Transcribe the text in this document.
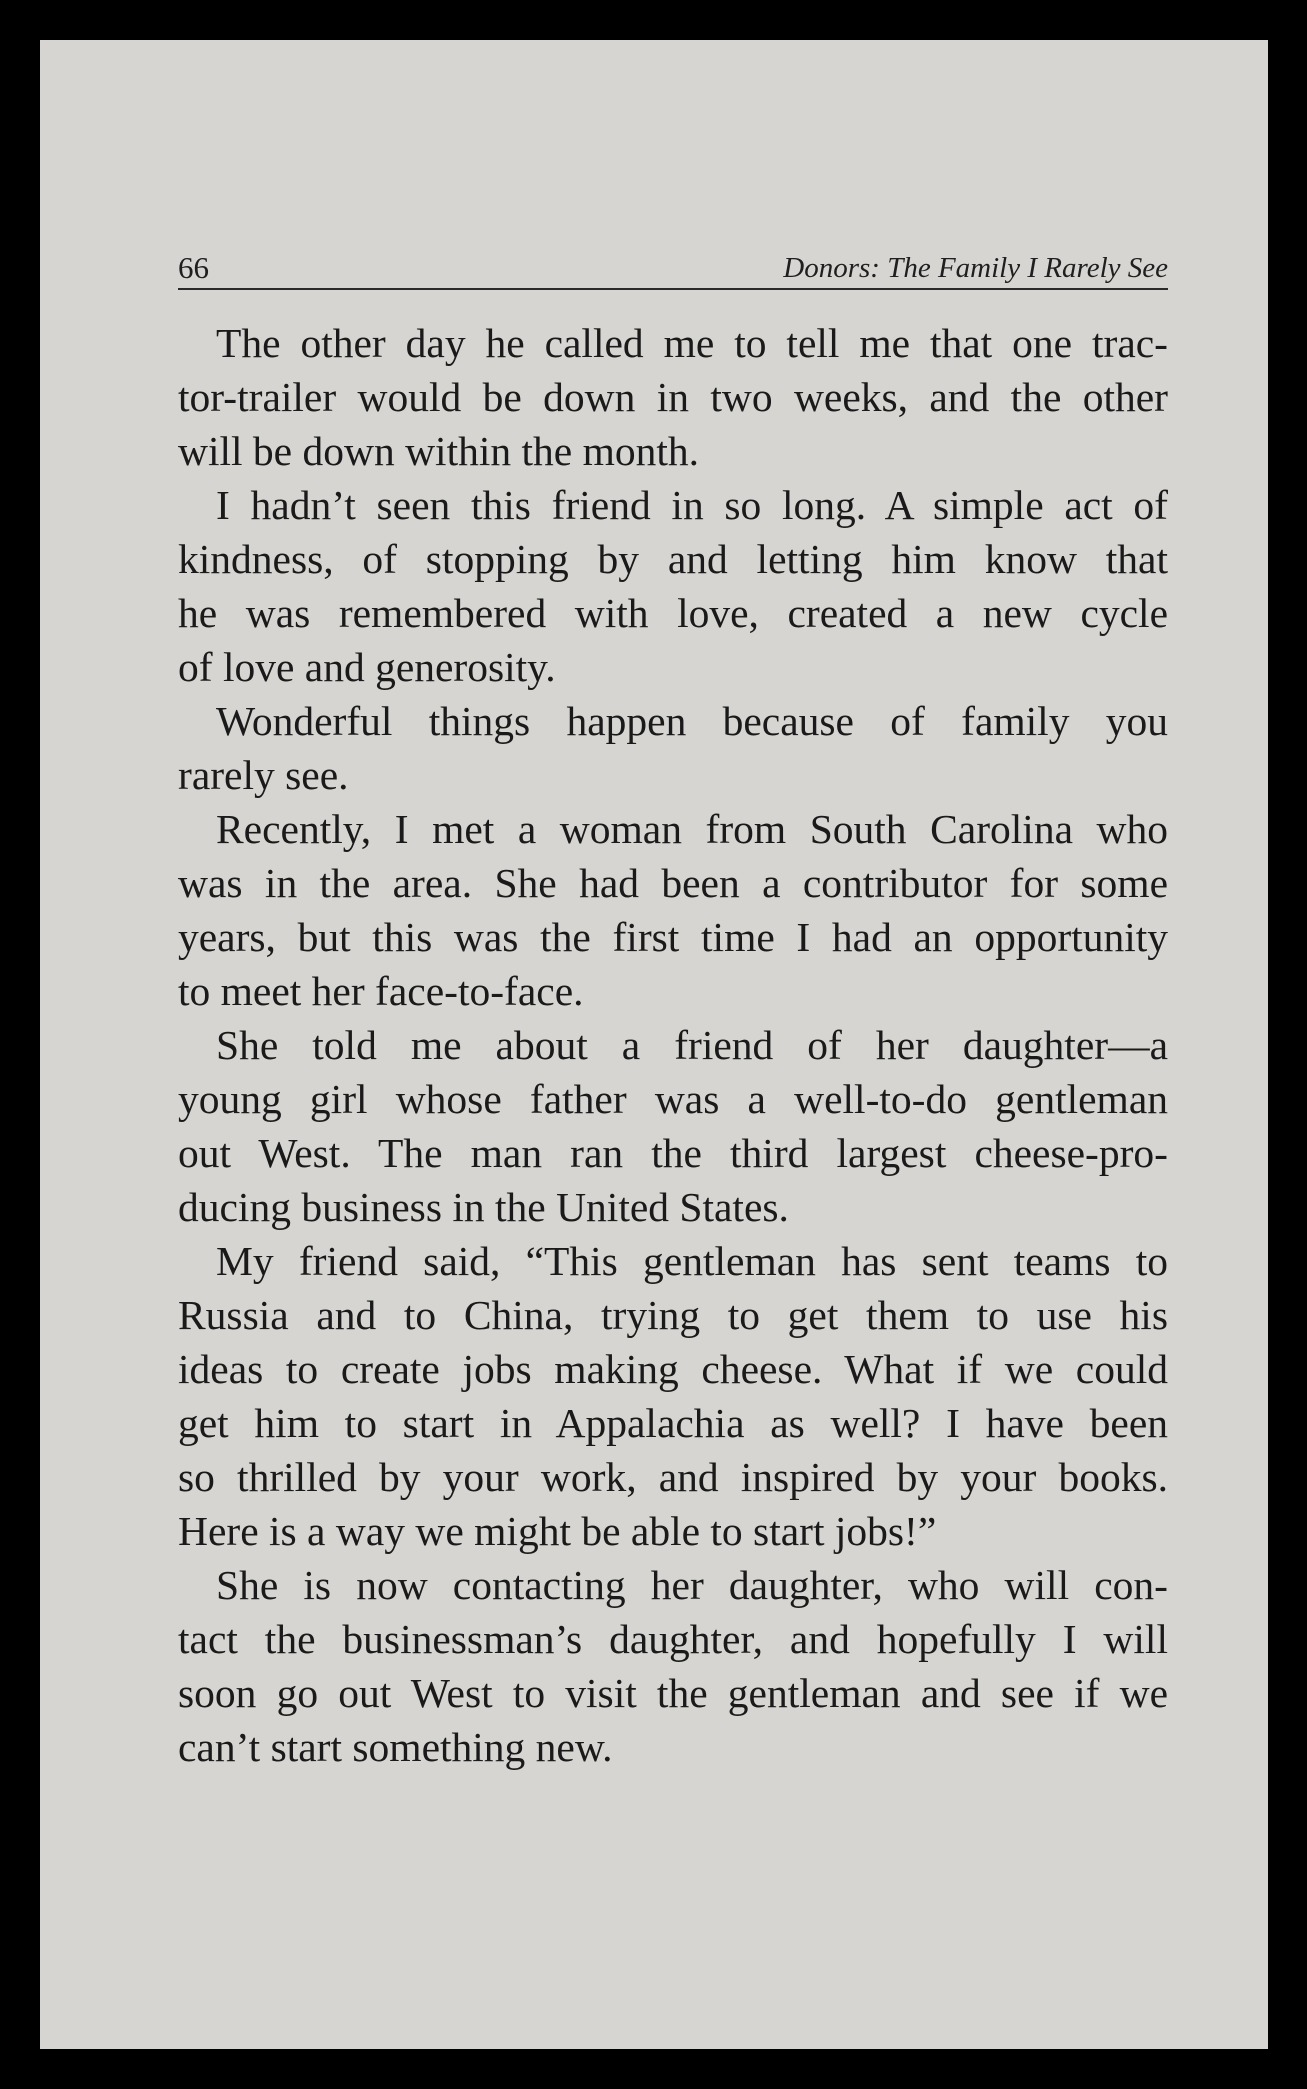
66	Donors: The Family I Rarely See

The other day he called me to tell me that one trac-
tor-trailer would be down in two weeks, and the other
will be down within the month.

I hadn’t seen this friend in so long. A simple act of
kindness, of stopping by and letting him know that
he was remembered with love, created a new cycle
of love and generosity.

Wonderful things happen because of family you
rarely see.

Recently, I met a woman from South Carolina who
was in the area. She had been a contributor for some
years, but this was the first time I had an opportunity
to meet her face-to-face.

She told me about a friend of her daughter—a
young girl whose father was a well-to-do gentleman
out West. The man ran the third largest cheese-pro-
ducing business in the United States.

My friend said, “This gentleman has sent teams to
Russia and to China, trying to get them to use his
ideas to create jobs making cheese. What if we could
get him to start in Appalachia as well? I have been
so thrilled by your work, and inspired by your books.
Here is a way we might be able to start jobs!”

She is now contacting her daughter, who will con-
tact the businessman’s daughter, and hopefully I will
soon go out West to visit the gentleman and see if we
can’t start something new.
